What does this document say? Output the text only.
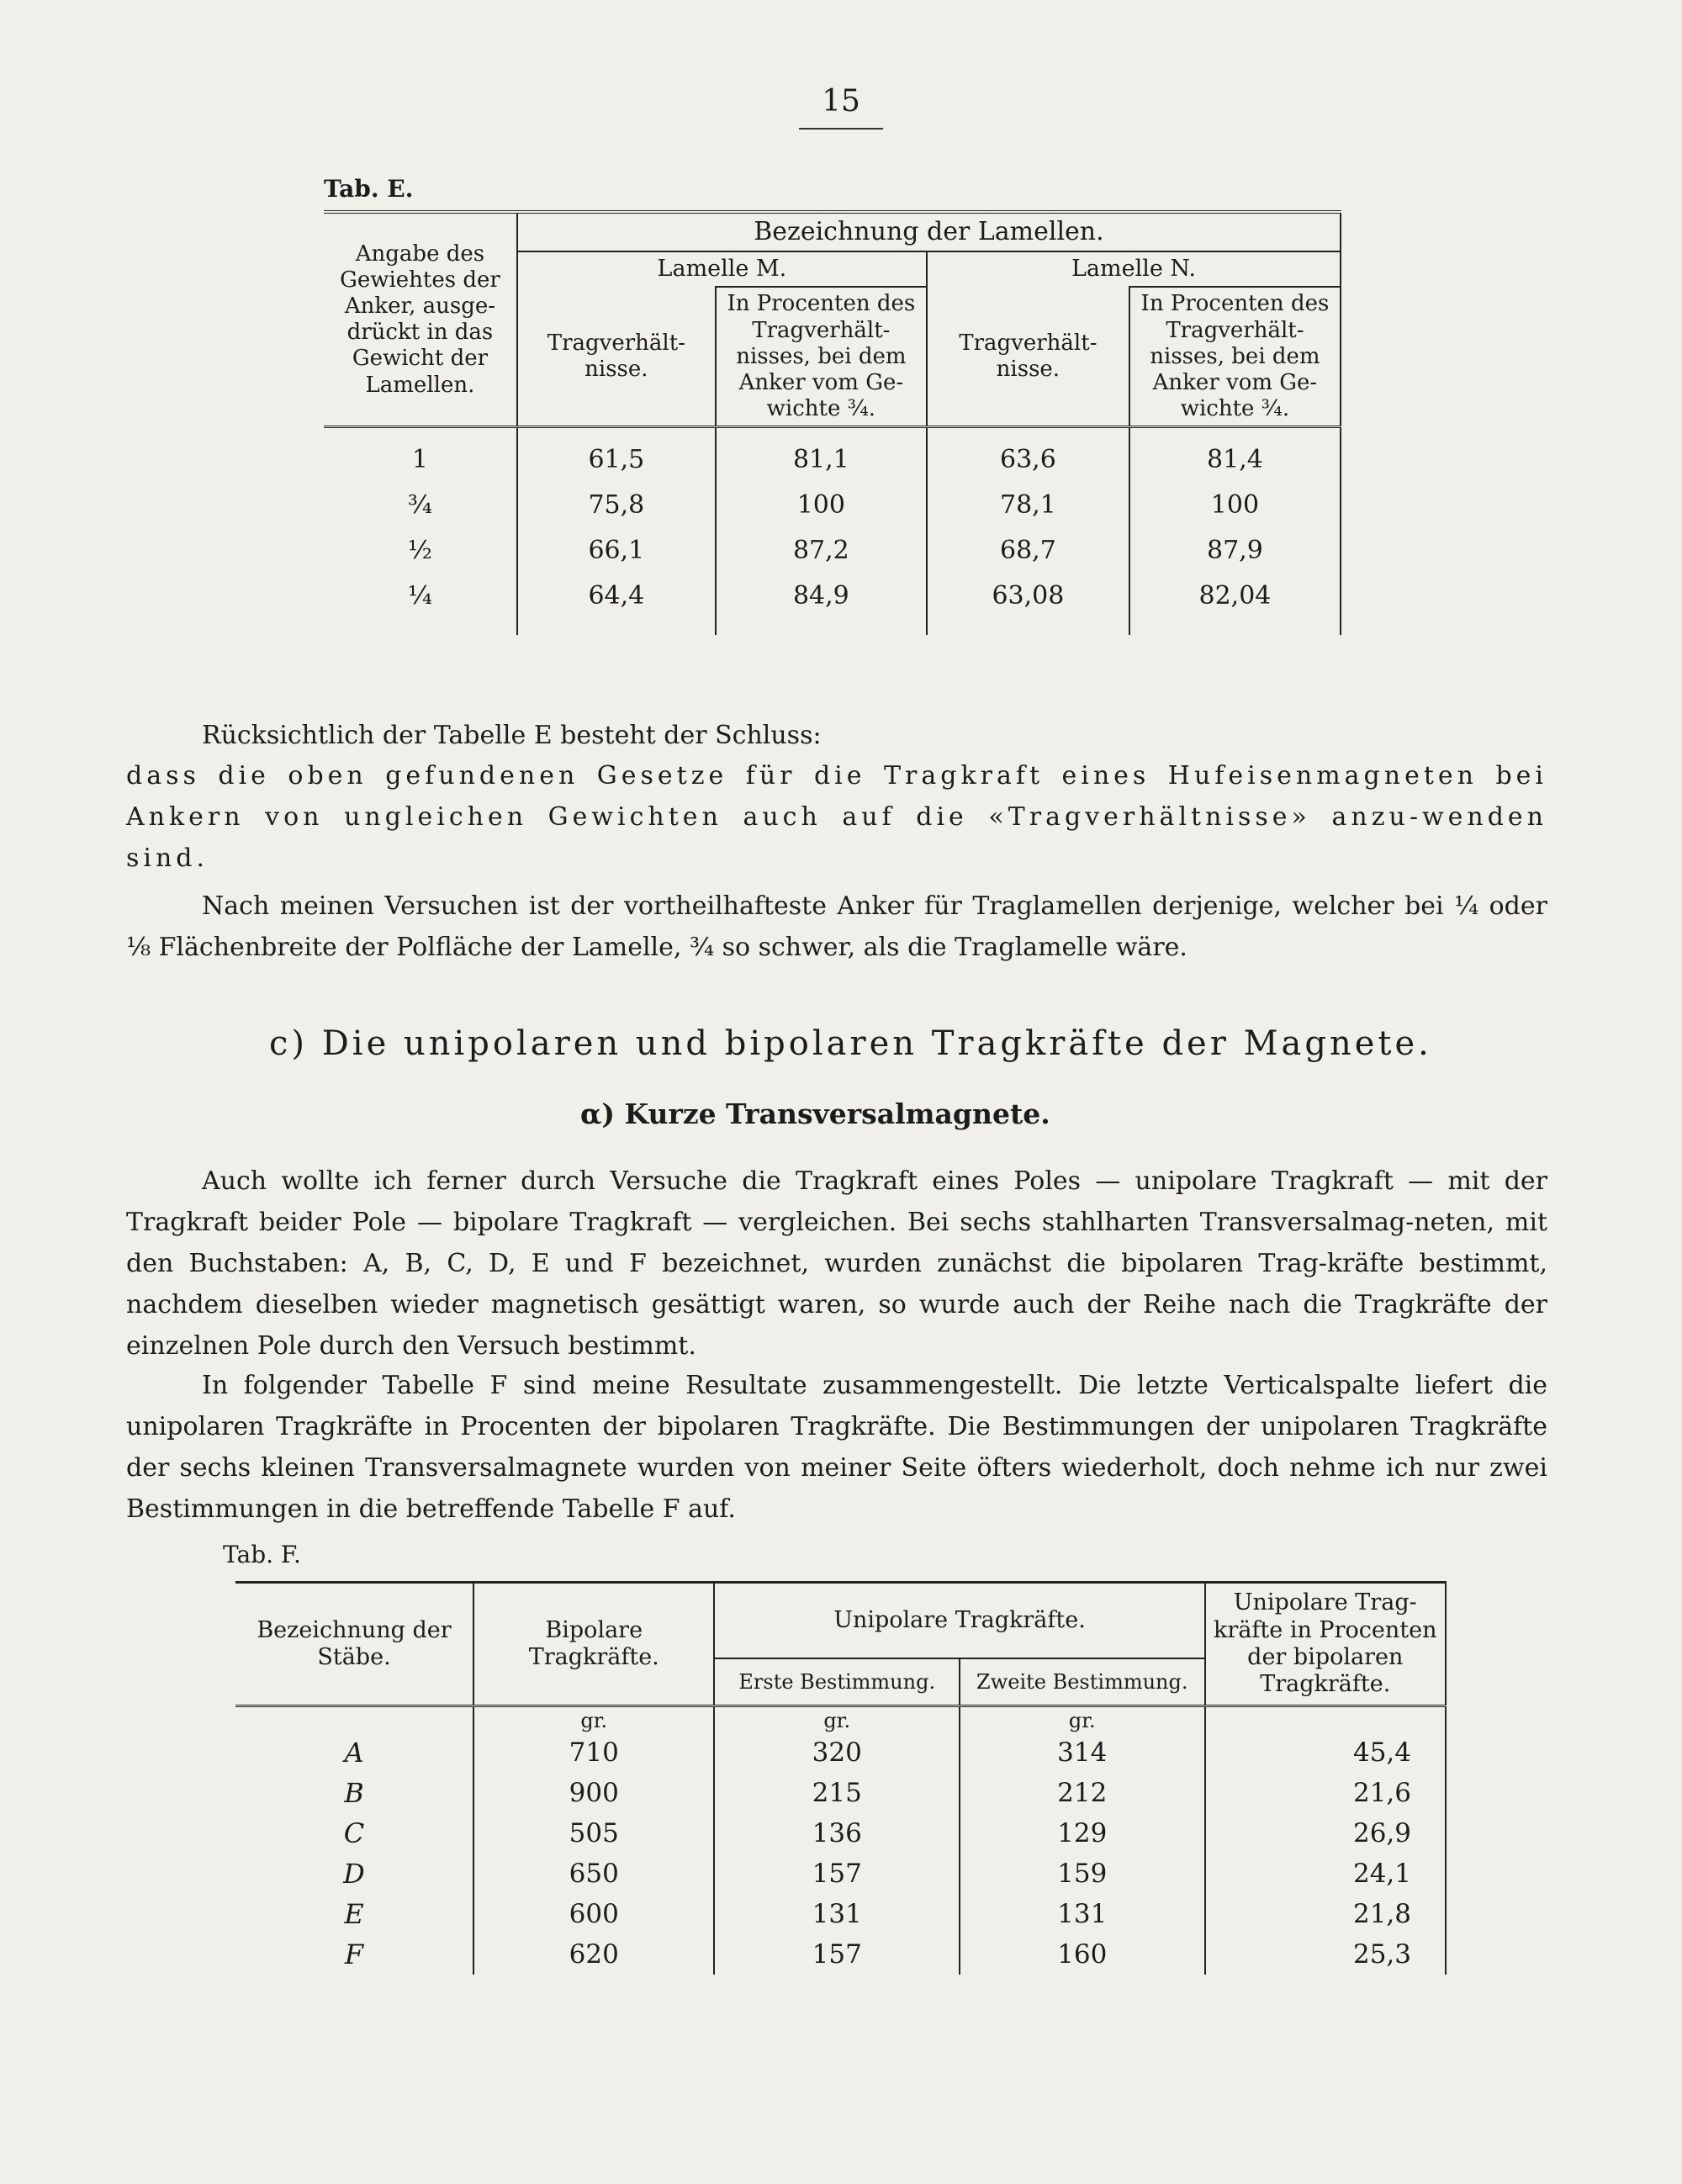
15
Tab. E.
Angabe des Gewiehtes der Anker, ausge-drückt in das Gewicht der Lamellen.	Bezeichnung der Lamellen.			
	Lamelle M.		Lamelle N.	
	Tragverhält-nisse.	In Procenten des Tragverhält-nisses, bei dem Anker vom Ge-wichte ¾.	Tragverhält-nisse.	In Procenten des Tragverhält-nisses, bei dem Anker vom Ge-wichte ¾.

1	61,5	81,1	63,6	81,4
¾	75,8	100	78,1	100
½	66,1	87,2	68,7	87,9
¼	64,4	84,9	63,08	82,04

Rücksichtlich der Tabelle E besteht der Schluss:
dass die oben gefundenen Gesetze für die Tragkraft eines Hufeisenmagneten bei Ankern von ungleichen Gewichten auch auf die «Tragverhältnisse» anzu-wenden sind.
Nach meinen Versuchen ist der vortheilhafteste Anker für Traglamellen derjenige, welcher bei ¼ oder ⅛ Flächenbreite der Polfläche der Lamelle, ¾ so schwer, als die Traglamelle wäre.
c) Die unipolaren und bipolaren Tragkräfte der Magnete.
α) Kurze Transversalmagnete.
Auch wollte ich ferner durch Versuche die Tragkraft eines Poles — unipolare Tragkraft — mit der Tragkraft beider Pole — bipolare Tragkraft — vergleichen. Bei sechs stahlharten Transversalmag-neten, mit den Buchstaben: A, B, C, D, E und F bezeichnet, wurden zunächst die bipolaren Trag-kräfte bestimmt, nachdem dieselben wieder magnetisch gesättigt waren, so wurde auch der Reihe nach die Tragkräfte der einzelnen Pole durch den Versuch bestimmt.
In folgender Tabelle F sind meine Resultate zusammengestellt. Die letzte Verticalspalte liefert die unipolaren Tragkräfte in Procenten der bipolaren Tragkräfte. Die Bestimmungen der unipolaren Tragkräfte der sechs kleinen Transversalmagnete wurden von meiner Seite öfters wiederholt, doch nehme ich nur zwei Bestimmungen in die betreffende Tabelle F auf.
Tab. F.
Bezeichnung der Stäbe.	Bipolare Tragkräfte.	Unipolare Tragkräfte.		Unipolare Trag-kräfte in Procenten der bipolaren Tragkräfte.
		Erste Bestimmung.	Zweite Bestimmung.	
	gr.	gr.	gr.	
A	710	320	314	45,4
B	900	215	212	21,6
C	505	136	129	26,9
D	650	157	159	24,1
E	600	131	131	21,8
F	620	157	160	25,3
